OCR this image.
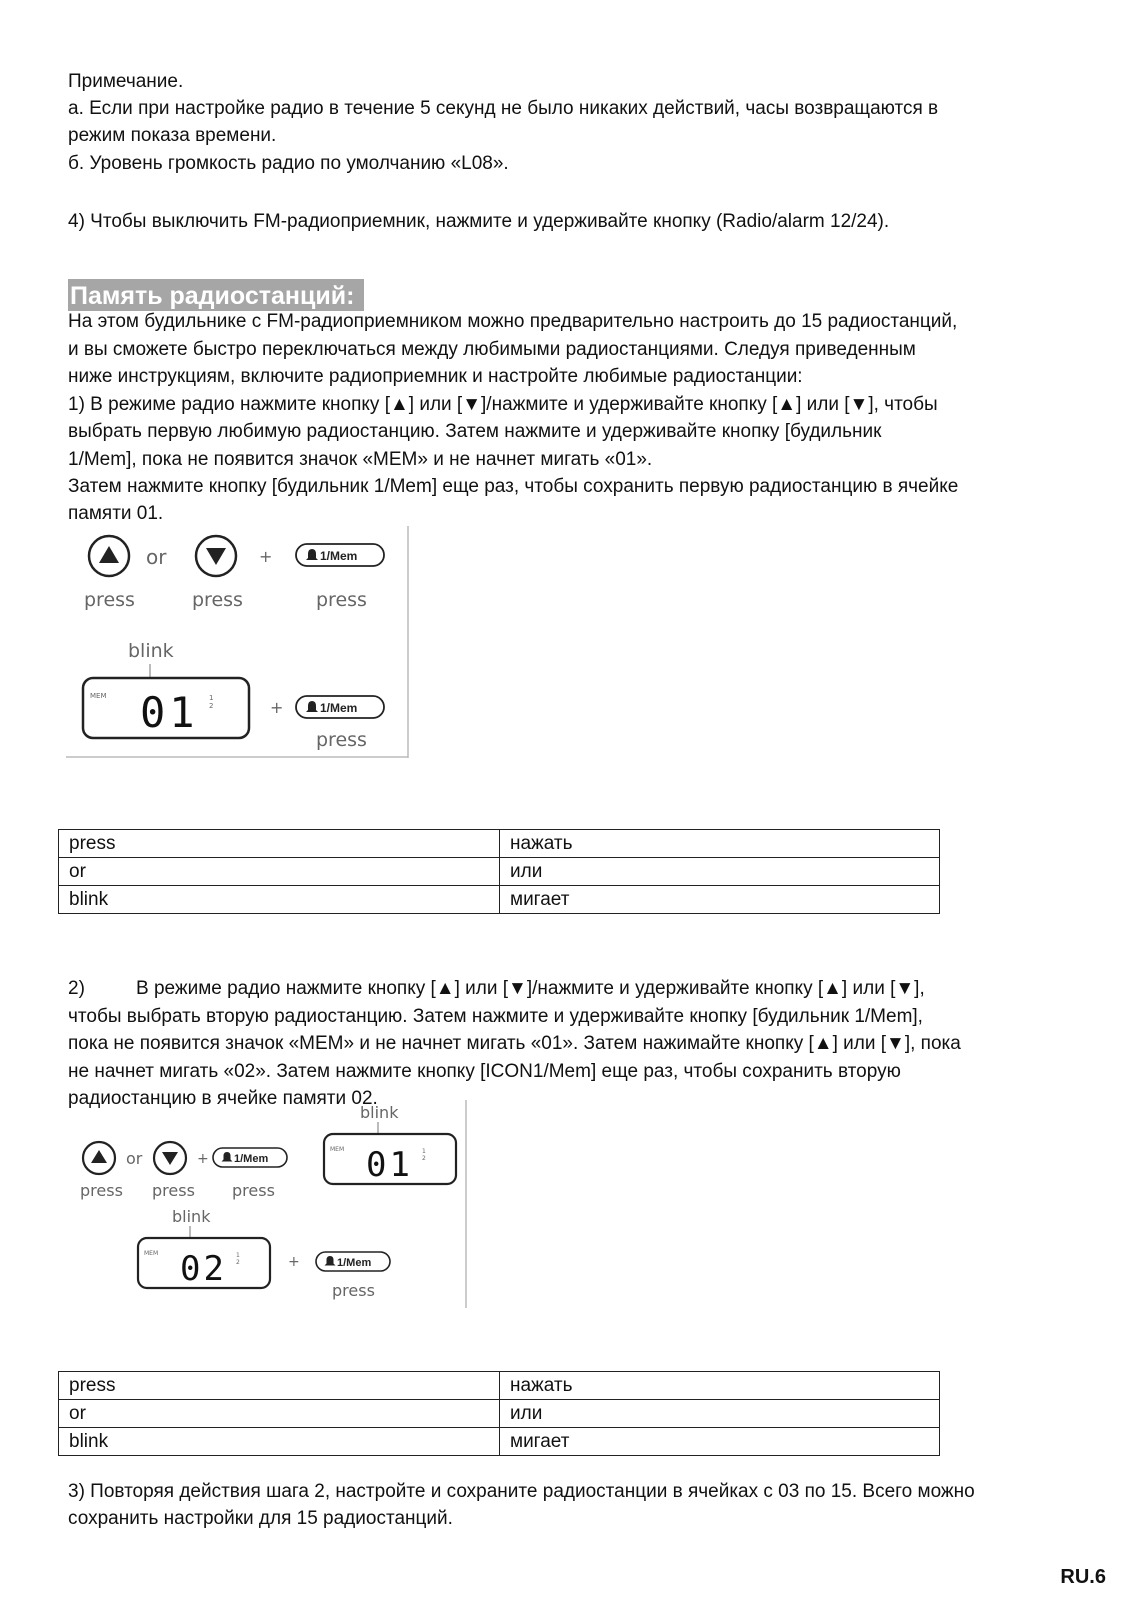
Примечание.
а. Если при настройке радио в течение 5 секунд не было никаких действий, часы возвращаются в
режим показа времени.
б. Уровень громкость радио по умолчанию «L08».
4) Чтобы выключить FM-радиоприемник, нажмите и удерживайте кнопку (Radio/alarm 12/24).
Память радиостанций:
На этом будильнике с FM-радиоприемником можно предварительно настроить до 15 радиостанций,
и вы сможете быстро переключаться между любимыми радиостанциями. Следуя приведенным
ниже инструкциям, включите радиоприемник и настройте любимые радиостанции:
1) В режиме радио нажмите кнопку [▲] или [▼]/нажмите и удерживайте кнопку [▲] или [▼], чтобы
выбрать первую любимую радиостанцию. Затем нажмите и удерживайте кнопку [будильник
1/Mem], пока не появится значок «MEM» и не начнет мигать «01».
Затем нажмите кнопку [будильник 1/Mem] еще раз, чтобы сохранить первую радиостанцию в ячейке
памяти 01.
or	+	1/Mem
press	press	press
blink
MEM 01 1
2	+	1/Mem
press
press	нажать
or	или
blink	мигает
2)	В режиме радио нажмите кнопку [▲] или [▼]/нажмите и удерживайте кнопку [▲] или [▼],
чтобы выбрать вторую радиостанцию. Затем нажмите и удерживайте кнопку [будильник 1/Mem],
пока не появится значок «MEM» и не начнет мигать «01». Затем нажимайте кнопку [▲] или [▼], пока
не начнет мигать «02». Затем нажмите кнопку [ICON1/Mem] еще раз, чтобы сохранить вторую
радиостанцию в ячейке памяти 02.
blink
MEM 01 1
2
or	+ 1/Mem
press press press
blink
MEM 02 1
2	+	1/Mem
press
press	нажать
or	или
blink	мигает
3) Повторяя действия шага 2, настройте и сохраните радиостанции в ячейках с 03 по 15. Всего можно
сохранить настройки для 15 радиостанций.
RU.6
